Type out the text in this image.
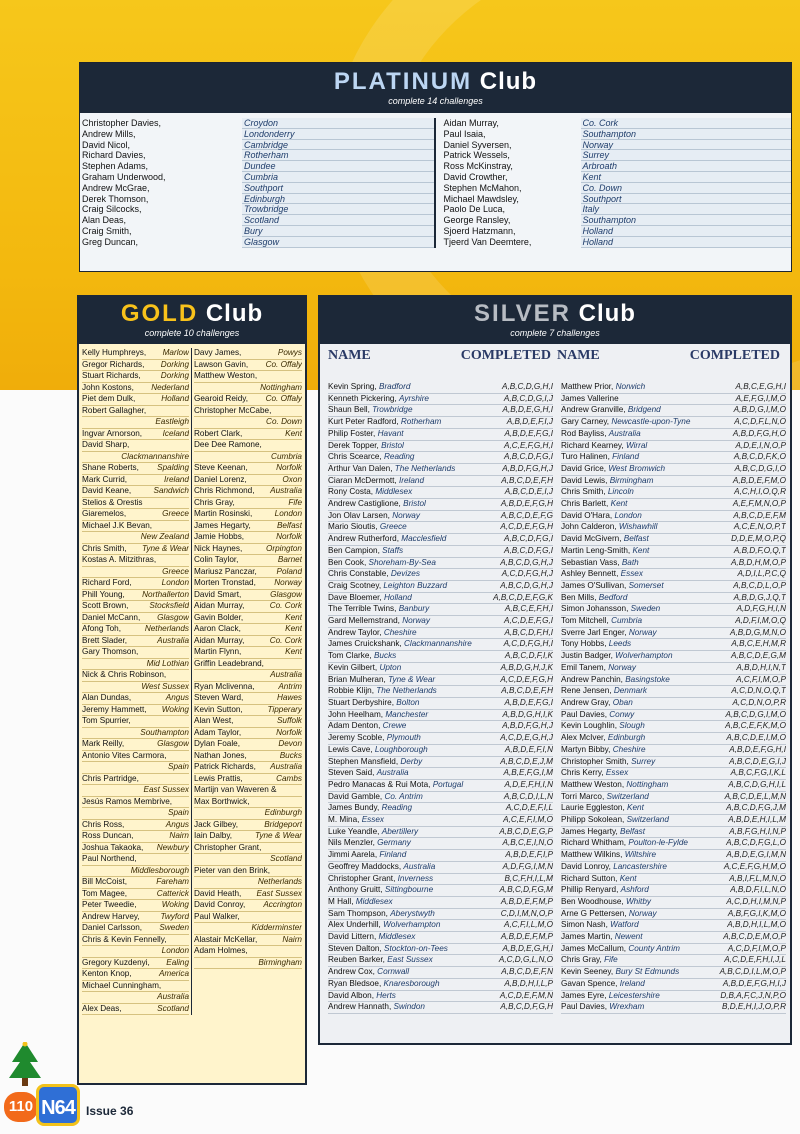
PLATINUM Club
complete 14 challenges
Christopher Davies,	Croydon
Andrew Mills,	Londonderry
David Nicol,	Cambridge
Richard Davies,	Rotherham
Stephen Adams,	Dundee
Graham Underwood,	Cumbria
Andrew McGrae,	Southport
Derek Thomson,	Edinburgh
Craig Silcocks,	Trowbridge
Alan Deas,	Scotland
Craig Smith,	Bury
Greg Duncan,	Glasgow
Aidan Murray,	Co. Cork
Paul Isaia,	Southampton
Daniel Syversen,	Norway
Patrick Wessels,	Surrey
Ross McKinstray,	Arbroath
David Crowther,	Kent
Stephen McMahon,	Co. Down
Michael Mawdsley,	Southport
Paolo De Luca,	Italy
George Ransley,	Southampton
Sjoerd Hatzmann,	Holland
Tjeerd Van Deemtere,	Holland
GOLD Club
complete 10 challenges
Kelly Humphreys, Marlow
Gregor Richards, Dorking
Stuart Richards, Dorking
John Kostons, Nederland
Piet dem Dulk,	Holland
Robert Gallagher,
Eastleigh
Ingvar Arnorson,	Iceland
David Sharp,
Clackmannanshire
Shane Roberts, Spalding
Mark Currid,	Ireland
David Keane,	Sandwich
Stelios & Orestis
Giaremelos,	Greece
Michael J.K Bevan,
New Zealand
Chris Smith, Tyne & Wear
Kostas A. Mitzithras,
Greece
Richard Ford,	London
Phill Young, Northallerton
Scott Brown,	Stocksfield
Daniel McCann, Glasgow
Afong Toh,	Netherlands
Brett Slader,	Australia
Gary Thomson,
Mid Lothian
Nick & Chris Robinson,
West Sussex
Alan Dundas,	Angus
Jeremy Hammett, Woking
Tom Spurrier,
Southampton
Mark Reilly,	Glasgow
Antonio Vites Carmora,
Spain
Chris Partridge,
East Sussex
Jesús Ramos Membrive,
Spain
Chris Ross,	Angus
Ross Duncan,	Nairn
Joshua Takaoka, Newbury
Paul Northend,
Middlesborough
Bill McCoist,	Fareham
Tom Magee,	Catterick
Peter Tweedie,	Woking
Andrew Harvey,	Twyford
Daniel Carlsson, Sweden
Chris & Kevin Fennelly,
London
Gregory Kuzdenyi, Ealing
Kenton Knop,	America
Michael Cunningham,
Australia
Alex Deas,	Scotland
Davy James,	Powys
Lawson Gavin, Co. Offaly
Matthew Weston,
Nottingham
Gearoid Reidy, Co. Offaly
Christopher McCabe,
Co. Down
Robert Clark,	Kent
Dee Dee Ramone,
Cumbria
Steve Keenan,	Norfolk
Daniel Lorenz,	Oxon
Chris Richmond, Australia
Chris Gray,	Fife
Martin Rosinski,	London
James Hegarty,	Belfast
Jamie Hobbs,	Norfolk
Nick Haynes,	Orpington
Colin Taylor,	Barnet
Mariusz Panczar, Poland
Morten Tronstad, Norway
David Smart,	Glasgow
Aidan Murray,	Co. Cork
Gavin Bolder,	Kent
Aaron Clack,	Kent
Aidan Murray,	Co. Cork
Martin Flynn,	Kent
Griffin Leadebrand,
Australia
Ryan Mclivenna,	Antrim
Steven Ward,	Hawes
Kevin Sutton,	Tipperary
Alan West,	Suffolk
Adam Taylor,	Norfolk
Dylan Foale,	Devon
Nathan Jones,	Bucks
Patrick Richards, Australia
Lewis Prattis,	Cambs
Martijn van Waveren &
Max Borthwick,
Edinburgh
Jack Gilbey,	Bridgeport
Iain Dalby,	Tyne & Wear
Christopher Grant,
Scotland
Pieter van den Brink,
Netherlands
David Heath, East Sussex
David Conroy, Accrington
Paul Walker,
Kidderminster
Alastair McKellar,	Nairn
Adam Holmes,
Birmingham
SILVER Club
complete 7 challenges
NAME	COMPLETED NAME	COMPLETED
Kevin Spring, Bradford	A,B,C,D,G,H,I
Kenneth Pickering, Ayrshire	A,B,C,D,G,I,J
Shaun Bell, Trowbridge	A,B,D,E,G,H,I
Kurt Peter Radford, Rotherham	A,B,D,E,F,I,J
Philip Foster, Havant	A,B,D,E,F,G,I
Derek Topper, Bristol	A,C,E,F,G,H,I
Chris Scearce, Reading	A,B,C,D,F,G,I
Arthur Van Dalen, The Netherlands	A,B,D,F,G,H,J
Ciaran McDermott, Ireland	A,B,C,D,E,F,H
Rony Costa, Middlesex	A,B,C,D,E,I,J
Andrew Castiglione, Bristol	A,B,D,E,F,G,H
Jon Olav Larsen, Norway	A,B,C,D,E,F,G
Mario Sioutis, Greece	A,C,D,E,F,G,H
Andrew Rutherford, Macclesfield	A,B,C,D,F,G,I
Ben Campion, Staffs	A,B,C,D,F,G,I
Ben Cook, Shoreham-By-Sea	A,B,C,D,G,H,J
Chris Constable, Devizes	A,C,D,F,G,H,J
Craig Scotney, Leighton Buzzard	A,B,C,D,G,H,J
Dave Bloemer, Holland	A,B,C,D,E,F,G,K
The Terrible Twins, Banbury	A,B,C,E,F,H,I
Gard Mellemstrand, Norway	A,C,D,E,F,G,I
Andrew Taylor, Cheshire	A,B,C,D,F,H,I
James Cruickshank, Clackmannanshire	A,C,D,F,G,H,I
Tom Clarke, Bucks	A,B,C,D,F,I,K
Kevin Gilbert, Upton	A,B,D,G,H,J,K
Brian Mulheran, Tyne & Wear	A,C,D,E,F,G,H
Robbie Klijn, The Netherlands	A,B,C,D,E,F,H
Stuart Derbyshire, Bolton	A,B,D,E,F,G,I
John Heelham, Manchester	A,B,D,G,H,I,K
Adam Denton, Crewe	A,B,D,F,G,H,J
Jeremy Scoble, Plymouth	A,C,D,E,G,H,J
Lewis Cave, Loughborough	A,B,D,E,F,I,N
Stephen Mansfield, Derby	A,B,C,D,E,J,M
Steven Said, Australia	A,B,E,F,G,I,M
Pedro Manacas & Rui Mota, Portugal	A,D,E,F,H,I,N
David Gamble, Co. Antrim	A,B,C,D,I,L,N
James Bundy, Reading	A,C,D,E,F,I,L
M. Mina, Essex	A,C,E,F,I,M,O
Luke Yeandle, Abertillery	A,B,C,D,E,G,P
Nils Menzler, Germany	A,B,C,E,I,N,O
Jimmi Aarela, Finland	A,B,D,E,F,I,P
Geoffrey Maddocks, Australia	A,D,F,G,I,M,N
Christopher Grant, Inverness	B,C,F,H,I,L,M
Anthony Gruitt, Sittingbourne	A,B,C,D,F,G,M
M Hall, Middlesex	A,B,D,E,F,M,P
Sam Thompson, Aberystwyth	C,D,I,M,N,O,P
Alex Underhill, Wolverhampton	A,C,F,I,L,M,O
David Littern, Middlesex	A,B,D,E,F,M,P
Steven Dalton, Stockton-on-Tees	A,B,D,E,G,H,I
Reuben Barker, East Sussex	A,C,D,G,L,N,O
Andrew Cox, Cornwall	A,B,C,D,E,F,N
Ryan Bledsoe, Knaresborough	A,B,D,H,I,L,P
David Albon, Herts	A,C,D,E,F,M,N
Andrew Hannath, Swindon	A,B,C,D,F,G,H
Matthew Prior, Norwich	A,B,C,E,G,H,I
James Vallerine	A,E,F,G,I,M,O
Andrew Granville, Bridgend	A,B,D,G,I,M,O
Gary Carney, Newcastle-upon-Tyne	A,C,D,F,L,N,O
Rod Bayliss, Australia	A,B,D,F,G,H,O
Richard Kearney, Wirral	A,D,E,I,N,O,P
Turo Halinen, Finland	A,B,C,D,F,K,O
David Grice, West Bromwich	A,B,C,D,G,I,O
David Lewis, Birmingham	A,B,D,E,F,M,O
Chris Smith, Lincoln	A,C,H,I,O,Q,R
Chris Barlett, Kent	A,E,F,M,N,O,P
David O'Hara, London	A,B,C,D,E,F,M
John Calderon, Wishawhill	A,C,E,N,O,P,T
David McGivern, Belfast	D,D,E,M,O,P,Q
Martin Leng-Smith, Kent	A,B,D,F,O,Q,T
Sebastian Vass, Bath	A,B,D,H,M,O,P
Ashley Bennett, Essex	A,D,I,L,P,C,Q
James O'Sullivan, Somerset	A,B,C,D,L,O,P
Ben Mills, Bedford	A,B,D,G,J,Q,T
Simon Johansson, Sweden	A,D,F,G,H,I,N
Tom Mitchell, Cumbria	A,D,F,I,M,O,Q
Sverre Jarl Enger, Norway	A,B,D,G,M,N,O
Tony Hobbs, Leeds	A,B,C,E,H,M,R
Justin Badger, Wolverhampton	A,B,C,D,E,G,M
Emil Tanem, Norway	A,B,D,H,I,N,T
Andrew Panchin, Basingstoke	A,C,F,I,M,O,P
Rene Jensen, Denmark	A,C,D,N,O,Q,T
Andrew Gray, Oban	A,C,D,N,O,P,R
Paul Davies, Conwy	A,B,C,D,G,I,M,O
Kevin Loughlin, Slough	A,B,C,E,F,K,M,O
Alex McIver, Edinburgh	A,B,C,D,E,I,M,O
Martyn Bibby, Cheshire	A,B,D,E,F,G,H,I
Christopher Smith, Surrey	A,B,C,D,E,G,I,J
Chris Kerry, Essex	A,B,C,F,G,I,K,L
Matthew Weston, Nottingham	A,B,C,D,G,H,I,L
Torri Marco, Switzerland	A,B,C,D,E,L,M,N
Laurie Eggleston, Kent	A,B,C,D,F,G,J,M
Philipp Sokolean, Switzerland	A,B,D,E,H,I,L,M
James Hegarty, Belfast	A,B,F,G,H,I,N,P
Richard Whitham, Poulton-le-Fylde	A,B,C,D,F,G,L,O
Matthew Wilkins, Wiltshire	A,B,D,E,G,I,M,N
David Lonroy, Lancastershire	A,C,E,F,G,H,M,O
Richard Sutton, Kent	A,B,I,F,L,M,N,O
Phillip Renyard, Ashford	A,B,D,F,I,L,N,O
Ben Woodhouse, Whitby	A,C,D,H,I,M,N,P
Arne G Pettersen, Norway	A,B,F,G,I,K,M,O
Simon Nash, Watford	A,B,D,H,I,L,M,O
James Martin, Newent	A,B,C,D,E,M,O,P
James McCallum, County Antrim	A,C,D,F,I,M,O,P
Chris Gray, Fife	A,C,D,E,F,H,I,J,L
Kevin Seeney, Bury St Edmunds	A,B,C,D,I,L,M,O,P
Gavan Spence, Ireland	A,B,D,E,F,G,H,I,J
James Eyre, Leicestershire	D,B,A,F,C,J,N,P,O
Paul Davies, Wrexham	B,D,E,H,I,J,O,P,R
110 N64 Issue 36
